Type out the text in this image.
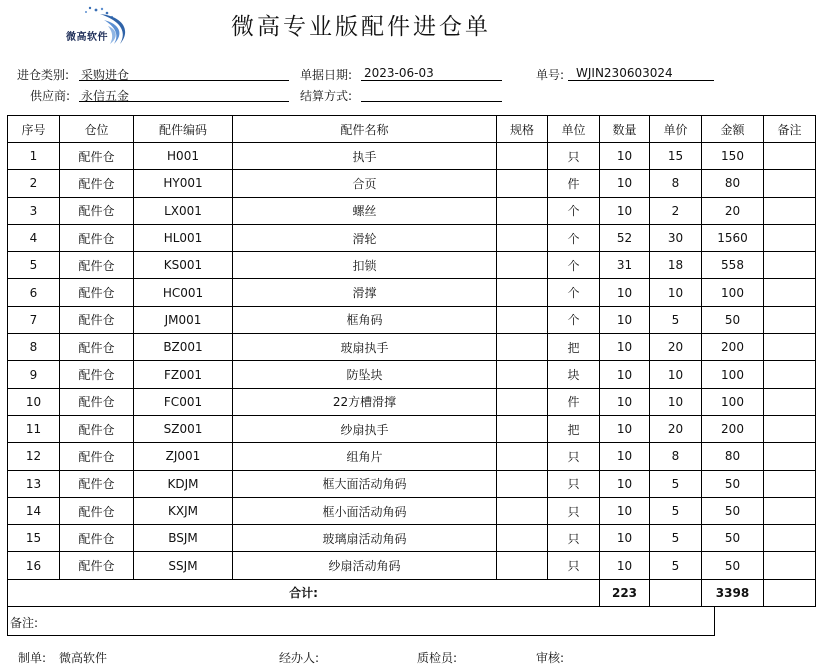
微高软件	微高专业版配件进仓单
进仓类别: 采购进仓	单据日期: 2023-06-03	单号: WJIN230603024
供应商: 永信五金	结算方式:
序号	仓位	配件编码	配件名称	规格	单位	数量	单价	金额	备注
1	配件仓	H001	执手		只	10	15	150	
2	配件仓	HY001	合页		件	10	8	80	
3	配件仓	LX001	螺丝		个	10	2	20	
4	配件仓	HL001	滑轮		个	52	30	1560	
5	配件仓	KS001	扣锁		个	31	18	558	
6	配件仓	HC001	滑撑		个	10	10	100	
7	配件仓	JM001	框角码		个	10	5	50	
8	配件仓	BZ001	玻扇执手		把	10	20	200	
9	配件仓	FZ001	防坠块		块	10	10	100	
10	配件仓	FC001	22方槽滑撑		件	10	10	100	
11	配件仓	SZ001	纱扇执手		把	10	20	200	
12	配件仓	ZJ001	组角片		只	10	8	80	
13	配件仓	KDJM	框大面活动角码		只	10	5	50	
14	配件仓	KXJM	框小面活动角码		只	10	5	50	
15	配件仓	BSJM	玻璃扇活动角码		只	10	5	50	
16	配件仓	SSJM	纱扇活动角码		只	10	5	50	
合计:						223		3398	
备注:
制单: 微高软件	经办人:	质检员:	审核:
